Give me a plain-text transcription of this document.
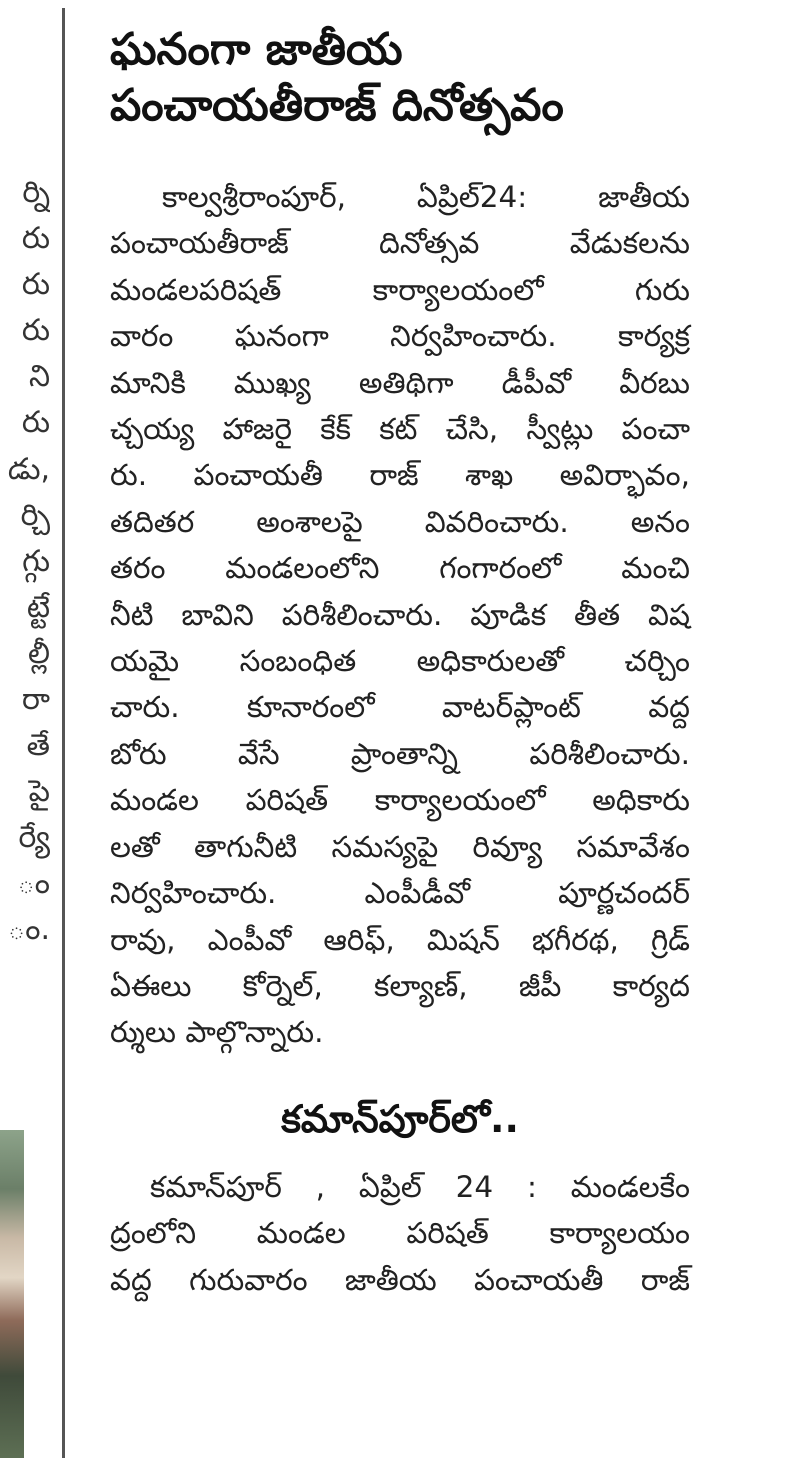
ర్ని
రు
రు
రు
ని
రు
డు,
ర్చి
గ్గు
ట్టే
ల్లీ
రా
తే
పై
ర్యే
ం
ం.
ఘనంగా జాతీయ
పంచాయతీరాజ్ దినోత్సవం

కాల్వశ్రీరాంపూర్, ఏప్రిల్24: జాతీయ
పంచాయతీరాజ్ దినోత్సవ వేడుకలను
మండలపరిషత్ కార్యాలయంలో గురు
వారం ఘనంగా నిర్వహించారు. కార్యక్ర
మానికి ముఖ్య అతిథిగా డీపీవో వీరబు
చ్చయ్య హాజరై కేక్ కట్ చేసి, స్వీట్లు పంచా
రు. పంచాయతీ రాజ్ శాఖ అవిర్భావం,
తదితర అంశాలపై వివరించారు. అనం
తరం మండలంలోని గంగారంలో మంచి
నీటి బావిని పరిశీలించారు. పూడిక తీత విష
యమై సంబంధిత అధికారులతో చర్చిం
చారు. కూనారంలో వాటర్‌ప్లాంట్ వద్ద
బోరు వేసే ప్రాంతాన్ని పరిశీలించారు.
మండల పరిషత్ కార్యాలయంలో అధికారు
లతో తాగునీటి సమస్యపై రివ్యూ సమావేశం
నిర్వహించారు. ఎంపీడీవో పూర్ణచందర్
రావు, ఎంపీవో ఆరిఫ్, మిషన్ భగీరథ, గ్రిడ్
ఏఈలు కోర్నెల్, కల్యాణ్, జీపీ కార్యద
ర్శులు పాల్గొన్నారు.

కమాన్‌పూర్‌లో..

కమాన్‌పూర్ , ఏప్రిల్ 24 : మండలకేం
ద్రంలోని మండల పరిషత్ కార్యాలయం
వద్ద గురువారం జాతీయ పంచాయతీ రాజ్
